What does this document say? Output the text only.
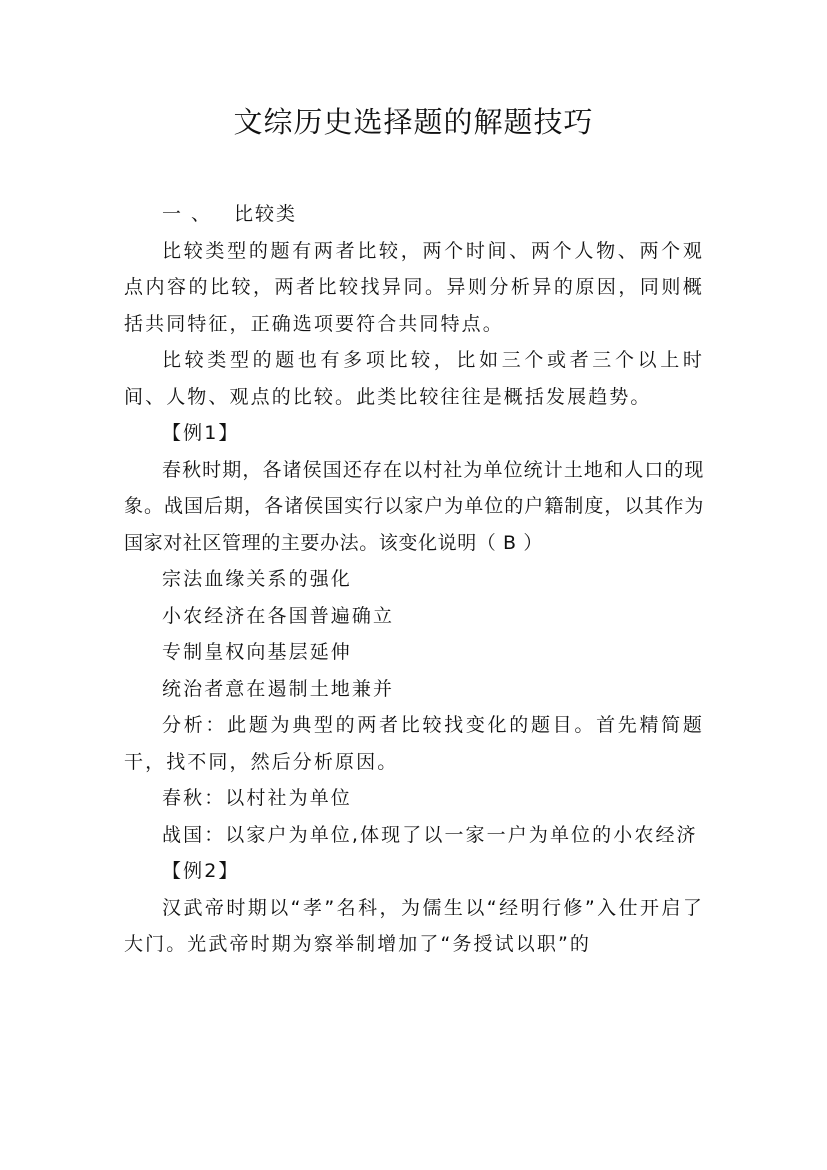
文综历史选择题的解题技巧

一 、 比较类

比较类型的题有两者比较，两个时间、两个人物、两个观点内容的比较，两者比较找异同。异则分析异的原因，同则概括共同特征，正确选项要符合共同特点。

比较类型的题也有多项比较，比如三个或者三个以上时间、人物、观点的比较。此类比较往往是概括发展趋势。

【例1】

春秋时期，各诸侯国还存在以村社为单位统计土地和人口的现象。战国后期，各诸侯国实行以家户为单位的户籍制度，以其作为国家对社区管理的主要办法。该变化说明（ B ）

宗法血缘关系的强化

小农经济在各国普遍确立

专制皇权向基层延伸

统治者意在遏制土地兼并

分析：此题为典型的两者比较找变化的题目。首先精简题干，找不同，然后分析原因。

春秋：以村社为单位

战国：以家户为单位,体现了以一家一户为单位的小农经济

【例2】

汉武帝时期以“孝”名科，为儒生以“经明行修”入仕开启了大门。光武帝时期为察举制增加了“务授试以职”的
